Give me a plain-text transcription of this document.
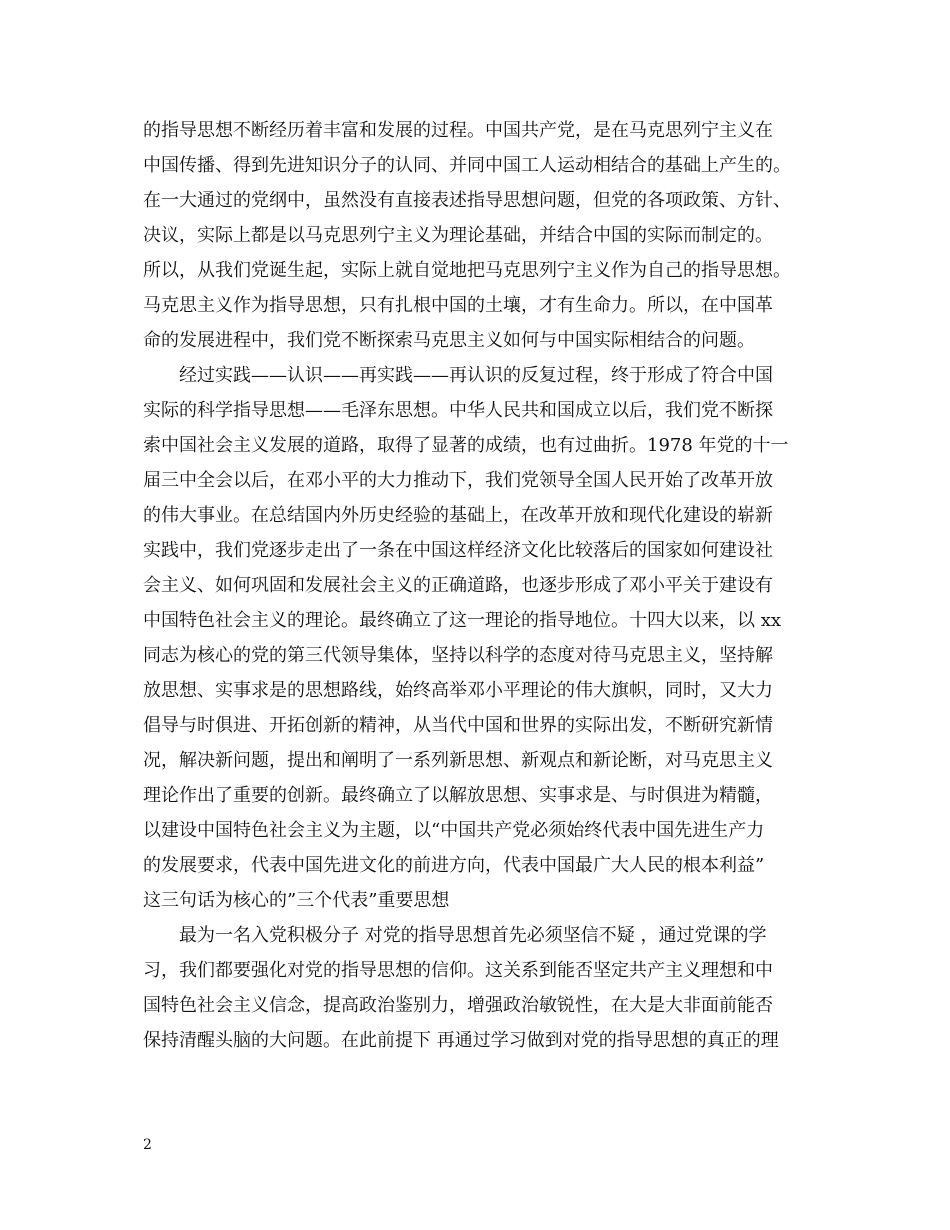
的指导思想不断经历着丰富和发展的过程。中国共产党，是在马克思列宁主义在
中国传播、得到先进知识分子的认同、并同中国工人运动相结合的基础上产生的。
在一大通过的党纲中，虽然没有直接表述指导思想问题，但党的各项政策、方针、
决议，实际上都是以马克思列宁主义为理论基础，并结合中国的实际而制定的。
所以，从我们党诞生起，实际上就自觉地把马克思列宁主义作为自己的指导思想。
马克思主义作为指导思想，只有扎根中国的土壤，才有生命力。所以，在中国革
命的发展进程中，我们党不断探索马克思主义如何与中国实际相结合的问题。
　　经过实践——认识——再实践——再认识的反复过程，终于形成了符合中国
实际的科学指导思想——毛泽东思想。中华人民共和国成立以后，我们党不断探
索中国社会主义发展的道路，取得了显著的成绩，也有过曲折。1978 年党的十一
届三中全会以后，在邓小平的大力推动下，我们党领导全国人民开始了改革开放
的伟大事业。在总结国内外历史经验的基础上，在改革开放和现代化建设的崭新
实践中，我们党逐步走出了一条在中国这样经济文化比较落后的国家如何建设社
会主义、如何巩固和发展社会主义的正确道路，也逐步形成了邓小平关于建设有
中国特色社会主义的理论。最终确立了这一理论的指导地位。十四大以来，以 xx
同志为核心的党的第三代领导集体，坚持以科学的态度对待马克思主义，坚持解
放思想、实事求是的思想路线，始终高举邓小平理论的伟大旗帜，同时，又大力
倡导与时俱进、开拓创新的精神，从当代中国和世界的实际出发，不断研究新情
况，解决新问题，提出和阐明了一系列新思想、新观点和新论断，对马克思主义
理论作出了重要的创新。最终确立了以解放思想、实事求是、与时俱进为精髓，
以建设中国特色社会主义为主题，以“中国共产党必须始终代表中国先进生产力
的发展要求，代表中国先进文化的前进方向，代表中国最广大人民的根本利益”
这三句话为核心的”三个代表”重要思想
　　最为一名入党积极分子 对党的指导思想首先必须坚信不疑 ，通过党课的学
习，我们都要强化对党的指导思想的信仰。这关系到能否坚定共产主义理想和中
国特色社会主义信念，提高政治鉴别力，增强政治敏锐性，在大是大非面前能否
保持清醒头脑的大问题。在此前提下 再通过学习做到对党的指导思想的真正的理
2
